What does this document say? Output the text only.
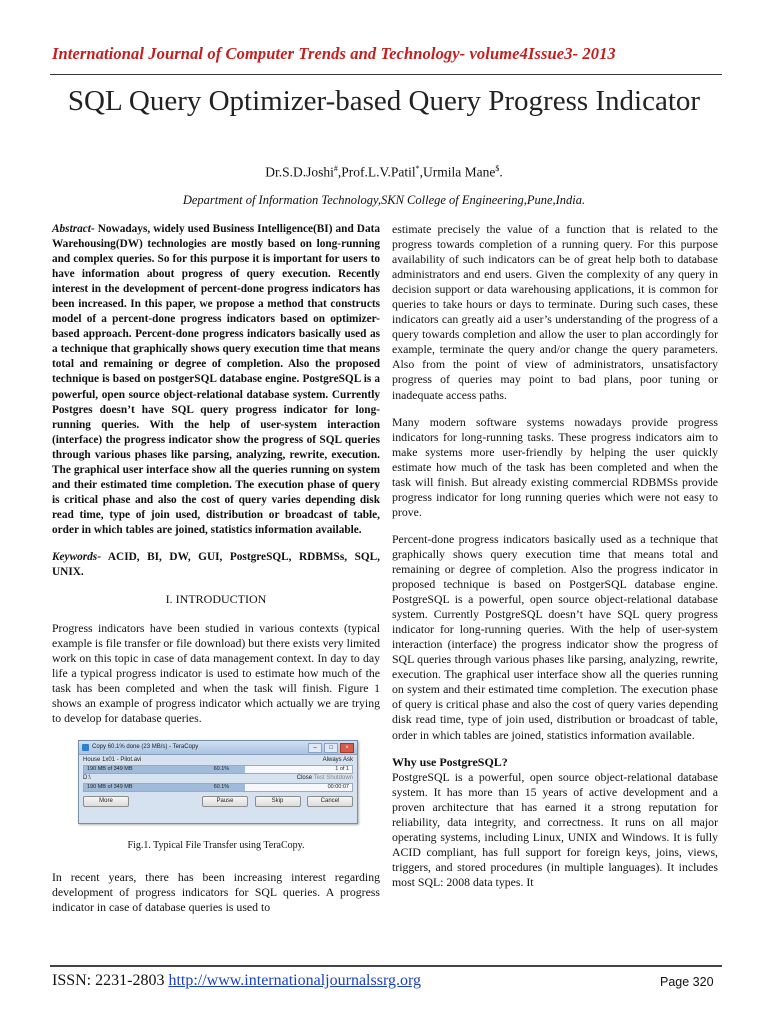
International Journal of Computer Trends and Technology- volume4Issue3- 2013
SQL Query Optimizer-based Query Progress Indicator
Dr.S.D.Joshi#,Prof.L.V.Patil*,Urmila Mane$.
Department of Information Technology,SKN College of Engineering,Pune,India.

Abstract- Nowadays, widely used Business Intelligence(BI) and Data Warehousing(DW) technologies are mostly based on long-running and complex queries. So for this purpose it is important for users to have information about progress of query execution. Recently interest in the development of percent-done progress indicators has been increased. In this paper, we propose a method that constructs model of a percent-done progress indicators based on optimizer-based approach. Percent-done progress indicators basically used as a technique that graphically shows query execution time that means total and remaining or degree of completion. Also the proposed technique is based on postgerSQL database engine. PostgreSQL is a powerful, open source object-relational database system. Currently Postgres doesn’t have SQL query progress indicator for long-running queries. With the help of user-system interaction (interface) the progress indicator show the progress of SQL queries through various phases like parsing, analyzing, rewrite, execution. The graphical user interface show all the queries running on system and their estimated time completion. The execution phase of query is critical phase and also the cost of query varies depending disk read time, type of join used, distribution or broadcast of table, order in which tables are joined, statistics information available.

Keywords- ACID, BI, DW, GUI, PostgreSQL, RDBMSs, SQL, UNIX.

I. INTRODUCTION

Progress indicators have been studied in various contexts (typical example is file transfer or file download) but there exists very limited work on this topic in case of data management context. In day to day life a typical progress indicator is used to estimate how much of the task has been completed and when the task will finish. Figure 1 shows an example of progress indicator which actually we are trying to develop for database queries.

Copy 60.1% done (23 MB/s) - TeraCopy	–	□	×
House 1x01 - Pilot.avi	Always Ask
190 MB of 349 MB	60.1%	1 of 1
D:\	Close Test Shutdown
190 MB of 349 MB	60.1%	00:00:07
More	Pause	Skip	Cancel

Fig.1. Typical File Transfer using TeraCopy.

In recent years, there has been increasing interest regarding development of progress indicators for SQL queries. A progress indicator in case of database queries is used to

estimate precisely the value of a function that is related to the progress towards completion of a running query. For this purpose availability of such indicators can be of great help both to database administrators and end users. Given the complexity of any query in decision support or data warehousing applications, it is common for queries to take hours or days to terminate. During such cases, these indicators can greatly aid a user’s understanding of the progress of a query towards completion and allow the user to plan accordingly for example, terminate the query and/or change the query parameters. Also from the point of view of administrators, unsatisfactory progress of queries may point to bad plans, poor tuning or inadequate access paths.

Many modern software systems nowadays provide progress indicators for long-running tasks. These progress indicators aim to make systems more user-friendly by helping the user quickly estimate how much of the task has been completed and when the task will finish. But already existing commercial RDBMSs provide progress indicator for long running queries which were not easy to prove.

Percent-done progress indicators basically used as a technique that graphically shows query execution time that means total and remaining or degree of completion. Also the progress indicator in proposed technique is based on PostgerSQL database engine. PostgreSQL is a powerful, open source object-relational database system. Currently PostgreSQL doesn’t have SQL query progress indicator for long-running queries. With the help of user-system interaction (interface) the progress indicator show the progress of SQL queries through various phases like parsing, analyzing, rewrite, execution. The graphical user interface show all the queries running on system and their estimated time completion. The execution phase of query is critical phase and also the cost of query varies depending disk read time, type of join used, distribution or broadcast of table, order in which tables are joined, statistics information available.

Why use PostgreSQL?

PostgreSQL is a powerful, open source object-relational database system. It has more than 15 years of active development and a proven architecture that has earned it a strong reputation for reliability, data integrity, and correctness. It runs on all major operating systems, including Linux, UNIX and Windows. It is fully ACID compliant, has full support for foreign keys, joins, views, triggers, and stored procedures (in multiple languages). It includes most SQL: 2008 data types. It

ISSN: 2231-2803 http://www.internationaljournalssrg.org	Page 320
